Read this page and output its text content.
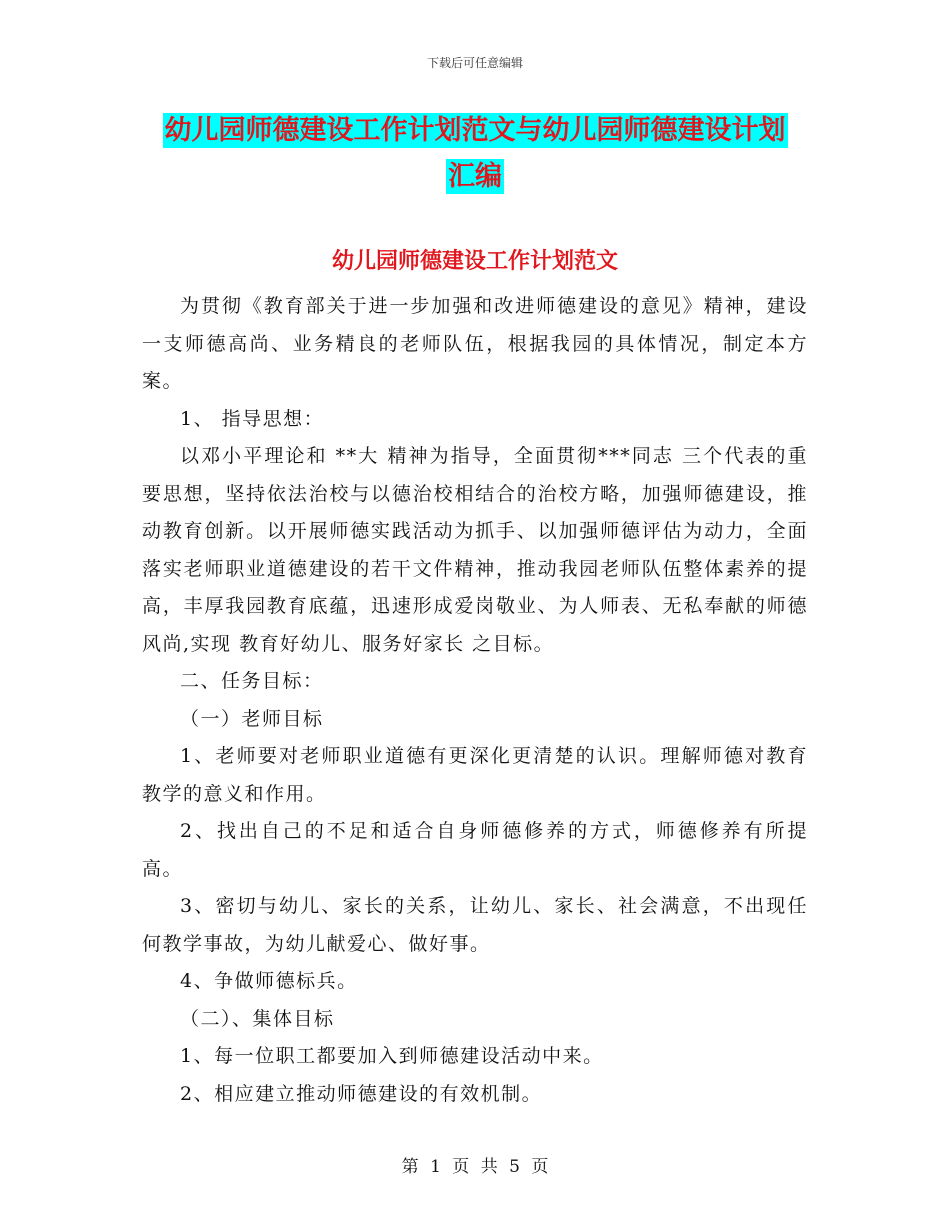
下载后可任意编辑
幼儿园师德建设工作计划范文与幼儿园师德建设计划
汇编
幼儿园师德建设工作计划范文

为贯彻《教育部关于进一步加强和改进师德建设的意见》精神，建设一支师德高尚、业务精良的老师队伍，根据我园的具体情况，制定本方案。

1、 指导思想：

以邓小平理论和 **大 精神为指导，全面贯彻***同志 三个代表的重要思想，坚持依法治校与以德治校相结合的治校方略，加强师德建设，推动教育创新。以开展师德实践活动为抓手、以加强师德评估为动力，全面落实老师职业道德建设的若干文件精神，推动我园老师队伍整体素养的提高，丰厚我园教育底蕴，迅速形成爱岗敬业、为人师表、无私奉献的师德风尚,实现 教育好幼儿、服务好家长 之目标。

二、任务目标：

（一）老师目标

1、老师要对老师职业道德有更深化更清楚的认识。理解师德对教育教学的意义和作用。

2、找出自己的不足和适合自身师德修养的方式，师德修养有所提高。

3、密切与幼儿、家长的关系，让幼儿、家长、社会满意，不出现任何教学事故，为幼儿献爱心、做好事。

4、争做师德标兵。

（二）、集体目标

1、每一位职工都要加入到师德建设活动中来。

2、相应建立推动师德建设的有效机制。

第 1 页 共 5 页
